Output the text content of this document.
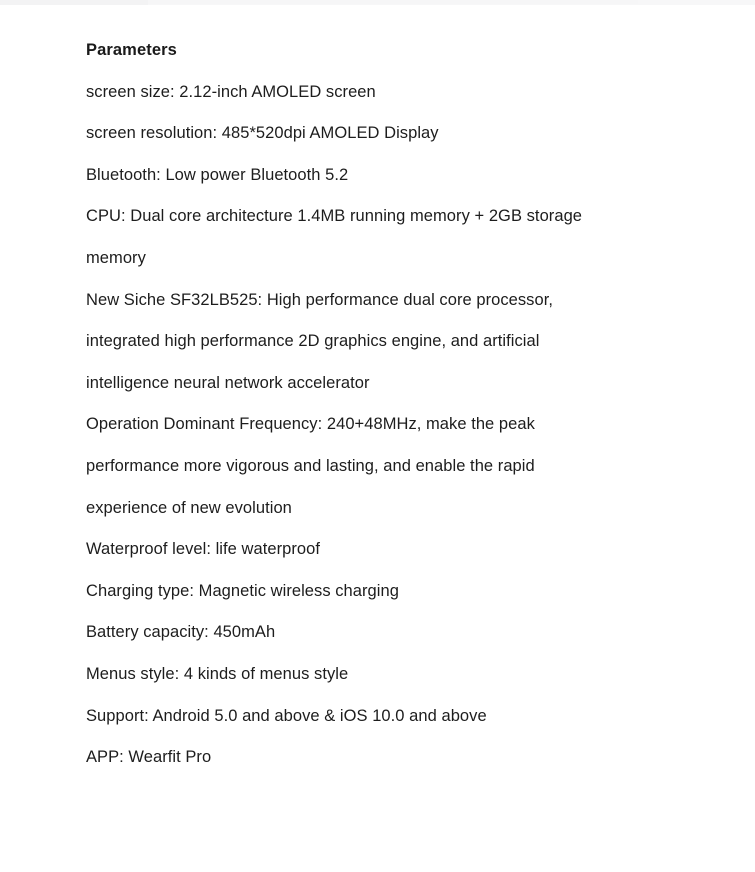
Parameters
screen size: 2.12-inch AMOLED screen
screen resolution: 485*520dpi AMOLED Display
Bluetooth: Low power Bluetooth 5.2
CPU: Dual core architecture 1.4MB running memory + 2GB storage
memory
New Siche SF32LB525: High performance dual core processor,
integrated high performance 2D graphics engine, and artificial
intelligence neural network accelerator
Operation Dominant Frequency: 240+48MHz, make the peak
performance more vigorous and lasting, and enable the rapid
experience of new evolution
Waterproof level: life waterproof
Charging type: Magnetic wireless charging
Battery capacity: 450mAh
Menus style: 4 kinds of menus style
Support: Android 5.0 and above & iOS 10.0 and above
APP: Wearfit Pro
